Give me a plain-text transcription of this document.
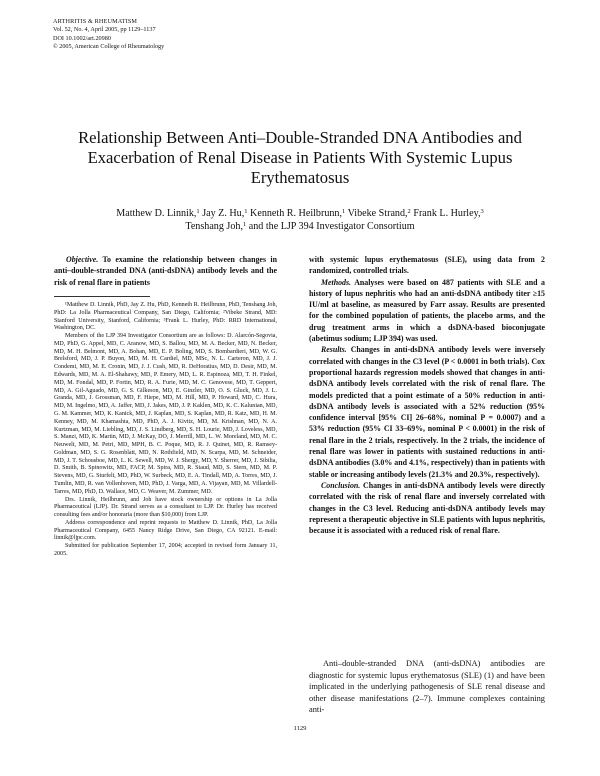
ARTHRITIS & RHEUMATISM
Vol. 52, No. 4, April 2005, pp 1129–1137
DOI 10.1002/art.20980
© 2005, American College of Rheumatology
Relationship Between Anti–Double-Stranded DNA Antibodies and Exacerbation of Renal Disease in Patients With Systemic Lupus Erythematosus
Matthew D. Linnik,$^1$ Jay Z. Hu,$^1$ Kenneth R. Heilbrunn,$^1$ Vibeke Strand,$^2$ Frank L. Hurley,$^3$
Tenshang Joh,$^1$ and the LJP 394 Investigator Consortium

Objective. To examine the relationship between changes in anti–double-stranded DNA (anti-dsDNA) antibody levels and the risk of renal flare in patients

¹Matthew D. Linnik, PhD, Jay Z. Hu, PhD, Kenneth R. Heilbrunn, PhD, Tenshang Joh, PhD: La Jolla Pharmaceutical Company, San Diego, California; ²Vibeke Strand, MD: Stanford University, Stanford, California; ³Frank L. Hurley, PhD: RRD International, Washington, DC.

Members of the LJP 394 Investigator Consortium are as follows: D. Alarcón-Segovia, MD, PhD, G. Appel, MD, C. Aranow, MD, S. Ballou, MD, M. A. Becker, MD, N. Becker, MD, M. H. Belmont, MD, A. Bohan, MD, E. P. Boling, MD, S. Bombardieri, MD, W. G. Brelsford, MD, J. P. Buyon, MD, M. H. Cardiel, MD, MSc, N. L. Carteron, MD, J. J. Condemi, MD, M. E. Cronin, MD, J. J. Cush, MD, R. DeHoratius, MD, D. Desir, MD, M. Edwards, MD, M. A. El-Shahawy, MD, P. Emery, MD, L. R. Espinoza, MD, T. H. Finkel, MD, M. Fondal, MD, P. Fortin, MD, R. A. Furie, MD, M. C. Genovese, MD, T. Geppert, MD, A. Gil-Aguado, MD, G. S. Gilkeson, MD, E. Ginzler, MD, O. S. Gluck, MD, J. L. Granda, MD, J. Grossman, MD, F. Hiepe, MD, M. Hill, MD, P. Howard, MD, C. Hura, MD, M. Ingelmo, MD, A. Jaffer, MD, J. Jakes, MD, J. P. Kaklen, MD, K. C. Kalunian, MD, G. M. Kammer, MD, K. Kanick, MD, J. Kaplan, MD, S. Kaplan, MD, R. Katz, MD, H. M. Kenney, MD, M. Khamashta, MD, PhD, A. J. Kivitz, MD, M. Krishnan, MD, N. A. Kurtzman, MD, M. Liebling, MD, J. S. Lindberg, MD, S. H. Lourie, MD, J. Loveless, MD, S. Manzi, MD, K. Martin, MD, J. McKay, DO, J. Merrill, MD, L. W. Moreland, MD, M. C. Neuwelt, MD, M. Petri, MD, MPH, B. C. Poque, MD, R. J. Quinet, MD, R. Ramsey-Goldman, MD, S. G. Rosenblatt, MD, N. Rothfield, MD, N. Scarpa, MD, M. Schneider, MD, J. T. Schousboe, MD, L. K. Sewell, MD, W. J. Shergy, MD, Y. Sherrer, MD, J. Sibilia, D. Smith, B. Spinowitz, MD, FACP, M. Spira, MD, R. Staud, MD, S. Stern, MD, M. P. Stevens, MD, G. Sturfelt, MD, PhD, W. Surbeck, MD, E. A. Tindall, MD, A. Torres, MD, J. Tumlin, MD, R. van Vollenhoven, MD, PhD, J. Varga, MD, A. Vijayan, MD, M. Villardell-Tarres, MD, PhD, D. Wallace, MD, C. Weaver, M. Zummer, MD.

Drs. Linnik, Heilbrunn, and Joh have stock ownership or options in La Jolla Pharmaceutical (LJP). Dr. Strand serves as a consultant to LJP. Dr. Hurley has received consulting fees and/or honoraria (more than $10,000) from LJP.

Address correspondence and reprint requests to Matthew D. Linnik, PhD, La Jolla Pharmaceutical Company, 6455 Nancy Ridge Drive, San Diego, CA 92121. E-mail: linnik@ljpc.com.

Submitted for publication September 17, 2004; accepted in revised form January 11, 2005.

with systemic lupus erythematosus (SLE), using data from 2 randomized, controlled trials.

Methods. Analyses were based on 487 patients with SLE and a history of lupus nephritis who had an anti-dsDNA antibody titer ≥15 IU/ml at baseline, as measured by Farr assay. Results are presented for the combined population of patients, the placebo arms, and the drug treatment arms in which a dsDNA-based bioconjugate (abetimus sodium; LJP 394) was used.

Results. Changes in anti-dsDNA antibody levels were inversely correlated with changes in the C3 level (P < 0.0001 in both trials). Cox proportional hazards regression models showed that changes in anti-dsDNA antibody levels correlated with the risk of renal flare. The models predicted that a point estimate of a 50% reduction in anti-dsDNA antibody levels is associated with a 52% reduction (95% confidence interval [95% CI] 26–68%, nominal P = 0.0007) and a 53% reduction (95% CI 33–69%, nominal P < 0.0001) in the risk of renal flare in the 2 trials, respectively. In the 2 trials, the incidence of renal flare was lower in patients with sustained reductions in anti-dsDNA antibodies (3.0% and 4.1%, respectively) than in patients with stable or increasing antibody levels (21.3% and 20.3%, respectively).

Conclusion. Changes in anti-dsDNA antibody levels were directly correlated with the risk of renal flare and inversely correlated with changes in the C3 level. Reducing anti-dsDNA antibody levels may represent a therapeutic objective in SLE patients with lupus nephritis, because it is associated with a reduced risk of renal flare.

Anti–double-stranded DNA (anti-dsDNA) antibodies are diagnostic for systemic lupus erythematosus (SLE) (1) and have been implicated in the underlying pathogenesis of SLE renal disease and other disease manifestations (2–7). Immune complexes containing anti-

1129
